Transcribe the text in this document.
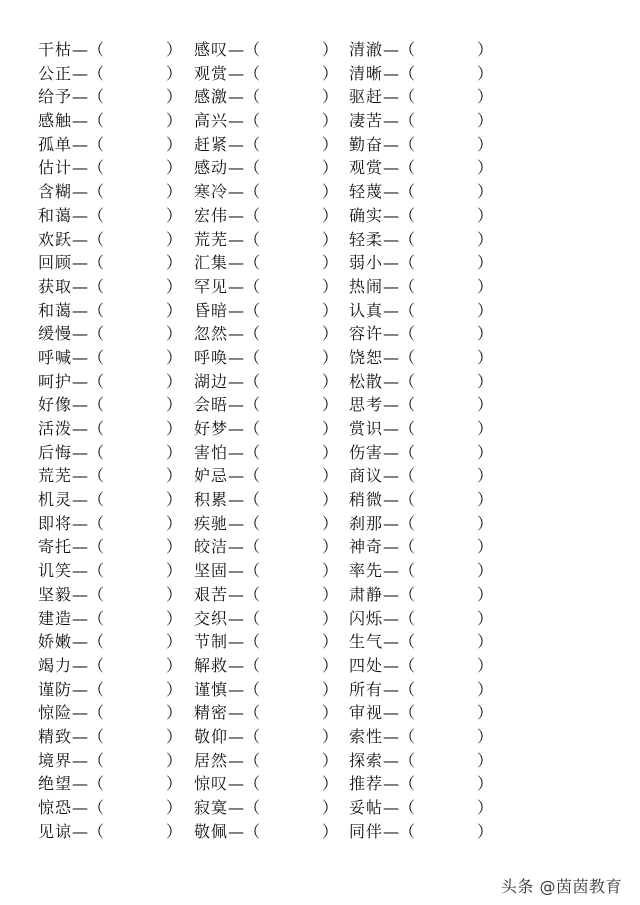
干枯—（	） 感叹—（	） 清澈—（	）
公正—（	） 观赏—（	） 清晰—（	）
给予—（	） 感激—（	） 驱赶—（	）
感触—（	） 高兴—（	） 凄苦—（	）
孤单—（	） 赶紧—（	） 勤奋—（	）
估计—（	） 感动—（	） 观赏—（	）
含糊—（	） 寒冷—（	） 轻蔑—（	）
和蔼—（	） 宏伟—（	） 确实—（	）
欢跃—（	） 荒芜—（	） 轻柔—（	）
回顾—（	） 汇集—（	） 弱小—（	）
获取—（	） 罕见—（	） 热闹—（	）
和蔼—（	） 昏暗—（	） 认真—（	）
缓慢—（	） 忽然—（	） 容许—（	）
呼喊—（	） 呼唤—（	） 饶恕—（	）
呵护—（	） 湖边—（	） 松散—（	）
好像—（	） 会晤—（	） 思考—（	）
活泼—（	） 好梦—（	） 赏识—（	）
后悔—（	） 害怕—（	） 伤害—（	）
荒芜—（	） 妒忌—（	） 商议—（	）
机灵—（	） 积累—（	） 稍微—（	）
即将—（	） 疾驰—（	） 刹那—（	）
寄托—（	） 皎洁—（	） 神奇—（	）
讥笑—（	） 坚固—（	） 率先—（	）
坚毅—（	） 艰苦—（	） 肃静—（	）
建造—（	） 交织—（	） 闪烁—（	）
娇嫩—（	） 节制—（	） 生气—（	）
竭力—（	） 解救—（	） 四处—（	）
谨防—（	） 谨慎—（	） 所有—（	）
惊险—（	） 精密—（	） 审视—（	）
精致—（	） 敬仰—（	） 索性—（	）
境界—（	） 居然—（	） 探索—（	）
绝望—（	） 惊叹—（	） 推荐—（	）
惊恐—（	） 寂寞—（	） 妥帖—（	）
见谅—（	） 敬佩—（	） 同伴—（	）
头条 @茵茵教育
